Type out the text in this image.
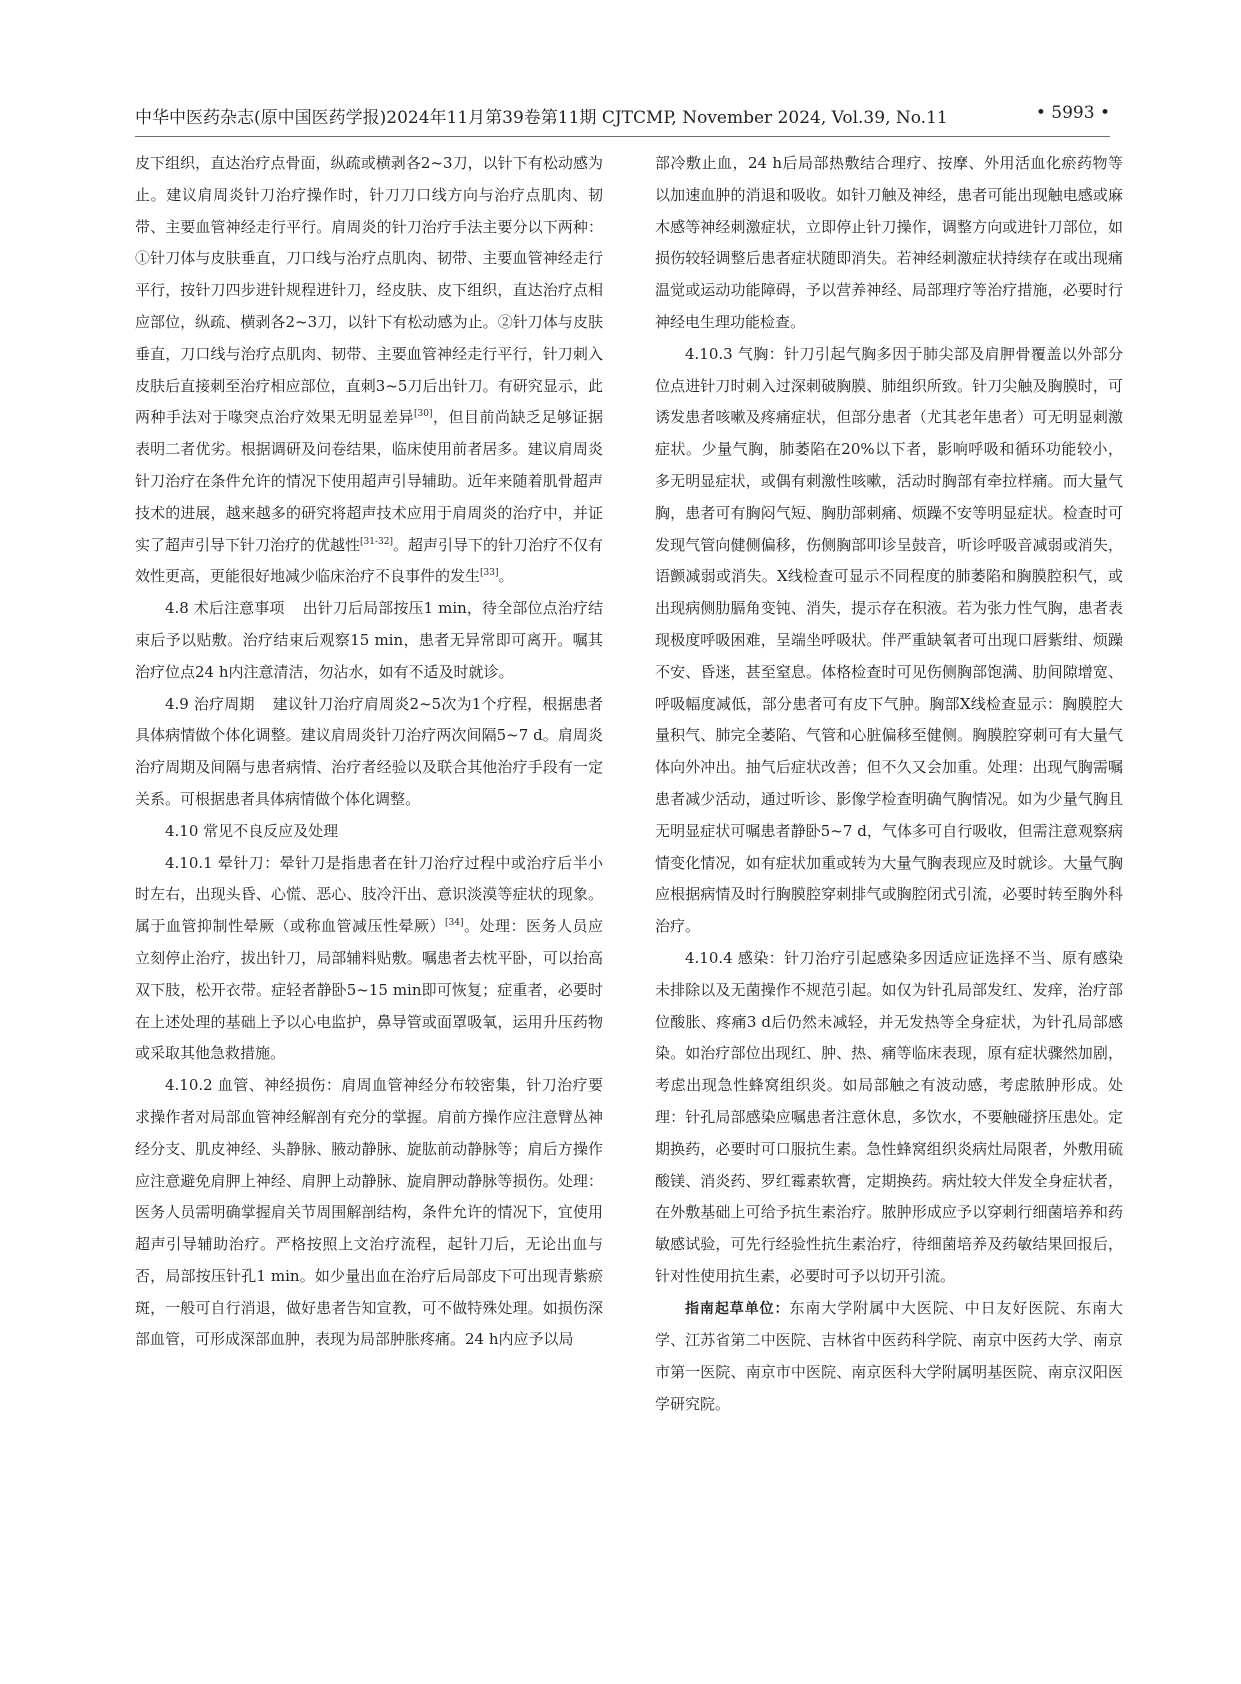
中华中医药杂志(原中国医药学报)2024年11月第39卷第11期 CJTCMP, November 2024, Vol.39, No.11	• 5993 •

皮下组织，直达治疗点骨面，纵疏或横剥各2~3刀，以针下有松动感为止。建议肩周炎针刀治疗操作时，针刀刀口线方向与治疗点肌肉、韧带、主要血管神经走行平行。肩周炎的针刀治疗手法主要分以下两种：①针刀体与皮肤垂直，刀口线与治疗点肌肉、韧带、主要血管神经走行平行，按针刀四步进针规程进针刀，经皮肤、皮下组织，直达治疗点相应部位，纵疏、横剥各2~3刀，以针下有松动感为止。②针刀体与皮肤垂直，刀口线与治疗点肌肉、韧带、主要血管神经走行平行，针刀刺入皮肤后直接刺至治疗相应部位，直刺3~5刀后出针刀。有研究显示，此两种手法对于喙突点治疗效果无明显差异[30]，但目前尚缺乏足够证据表明二者优劣。根据调研及问卷结果，临床使用前者居多。建议肩周炎针刀治疗在条件允许的情况下使用超声引导辅助。近年来随着肌骨超声技术的进展，越来越多的研究将超声技术应用于肩周炎的治疗中，并证实了超声引导下针刀治疗的优越性[31-32]。超声引导下的针刀治疗不仅有效性更高，更能很好地减少临床治疗不良事件的发生[33]。

4.8 术后注意事项 出针刀后局部按压1 min，待全部位点治疗结束后予以贴敷。治疗结束后观察15 min，患者无异常即可离开。嘱其治疗位点24 h内注意清洁，勿沾水，如有不适及时就诊。

4.9 治疗周期 建议针刀治疗肩周炎2~5次为1个疗程，根据患者具体病情做个体化调整。建议肩周炎针刀治疗两次间隔5~7 d。肩周炎治疗周期及间隔与患者病情、治疗者经验以及联合其他治疗手段有一定关系。可根据患者具体病情做个体化调整。

4.10 常见不良反应及处理

4.10.1 晕针刀：晕针刀是指患者在针刀治疗过程中或治疗后半小时左右，出现头昏、心慌、恶心、肢冷汗出、意识淡漠等症状的现象。属于血管抑制性晕厥（或称血管减压性晕厥）[34]。处理：医务人员应立刻停止治疗，拔出针刀，局部辅料贴敷。嘱患者去枕平卧，可以抬高双下肢，松开衣带。症轻者静卧5~15 min即可恢复；症重者，必要时在上述处理的基础上予以心电监护，鼻导管或面罩吸氧，运用升压药物或采取其他急救措施。

4.10.2 血管、神经损伤：肩周血管神经分布较密集，针刀治疗要求操作者对局部血管神经解剖有充分的掌握。肩前方操作应注意臂丛神经分支、肌皮神经、头静脉、腋动静脉、旋肱前动静脉等；肩后方操作应注意避免肩胛上神经、肩胛上动静脉、旋肩胛动静脉等损伤。处理：医务人员需明确掌握肩关节周围解剖结构，条件允许的情况下，宜使用超声引导辅助治疗。严格按照上文治疗流程，起针刀后，无论出血与否，局部按压针孔1 min。如少量出血在治疗后局部皮下可出现青紫瘀斑，一般可自行消退，做好患者告知宣教，可不做特殊处理。如损伤深部血管，可形成深部血肿，表现为局部肿胀疼痛。24 h内应予以局

部冷敷止血，24 h后局部热敷结合理疗、按摩、外用活血化瘀药物等以加速血肿的消退和吸收。如针刀触及神经，患者可能出现触电感或麻木感等神经刺激症状，立即停止针刀操作，调整方向或进针刀部位，如损伤较轻调整后患者症状随即消失。若神经刺激症状持续存在或出现痛温觉或运动功能障碍，予以营养神经、局部理疗等治疗措施，必要时行神经电生理功能检查。

4.10.3 气胸：针刀引起气胸多因于肺尖部及肩胛骨覆盖以外部分位点进针刀时刺入过深刺破胸膜、肺组织所致。针刀尖触及胸膜时，可诱发患者咳嗽及疼痛症状，但部分患者（尤其老年患者）可无明显刺激症状。少量气胸，肺萎陷在20%以下者，影响呼吸和循环功能较小，多无明显症状，或偶有刺激性咳嗽，活动时胸部有牵拉样痛。而大量气胸，患者可有胸闷气短、胸肋部刺痛、烦躁不安等明显症状。检查时可发现气管向健侧偏移，伤侧胸部叩诊呈鼓音，听诊呼吸音减弱或消失，语颤减弱或消失。X线检查可显示不同程度的肺萎陷和胸膜腔积气，或出现病侧肋膈角变钝、消失，提示存在积液。若为张力性气胸，患者表现极度呼吸困难，呈端坐呼吸状。伴严重缺氧者可出现口唇紫绀、烦躁不安、昏迷，甚至窒息。体格检查时可见伤侧胸部饱满、肋间隙增宽、呼吸幅度减低，部分患者可有皮下气肿。胸部X线检查显示：胸膜腔大量积气、肺完全萎陷、气管和心脏偏移至健侧。胸膜腔穿刺可有大量气体向外冲出。抽气后症状改善；但不久又会加重。处理：出现气胸需嘱患者减少活动，通过听诊、影像学检查明确气胸情况。如为少量气胸且无明显症状可嘱患者静卧5~7 d，气体多可自行吸收，但需注意观察病情变化情况，如有症状加重或转为大量气胸表现应及时就诊。大量气胸应根据病情及时行胸膜腔穿刺排气或胸腔闭式引流，必要时转至胸外科治疗。

4.10.4 感染：针刀治疗引起感染多因适应证选择不当、原有感染未排除以及无菌操作不规范引起。如仅为针孔局部发红、发痒，治疗部位酸胀、疼痛3 d后仍然未减轻，并无发热等全身症状，为针孔局部感染。如治疗部位出现红、肿、热、痛等临床表现，原有症状骤然加剧，考虑出现急性蜂窝组织炎。如局部触之有波动感，考虑脓肿形成。处理：针孔局部感染应嘱患者注意休息，多饮水，不要触碰挤压患处。定期换药，必要时可口服抗生素。急性蜂窝组织炎病灶局限者，外敷用硫酸镁、消炎药、罗红霉素软膏，定期换药。病灶较大伴发全身症状者，在外敷基础上可给予抗生素治疗。脓肿形成应予以穿刺行细菌培养和药敏感试验，可先行经验性抗生素治疗，待细菌培养及药敏结果回报后，针对性使用抗生素，必要时可予以切开引流。

指南起草单位：东南大学附属中大医院、中日友好医院、东南大学、江苏省第二中医院、吉林省中医药科学院、南京中医药大学、南京市第一医院、南京市中医院、南京医科大学附属明基医院、南京汉阳医学研究院。
